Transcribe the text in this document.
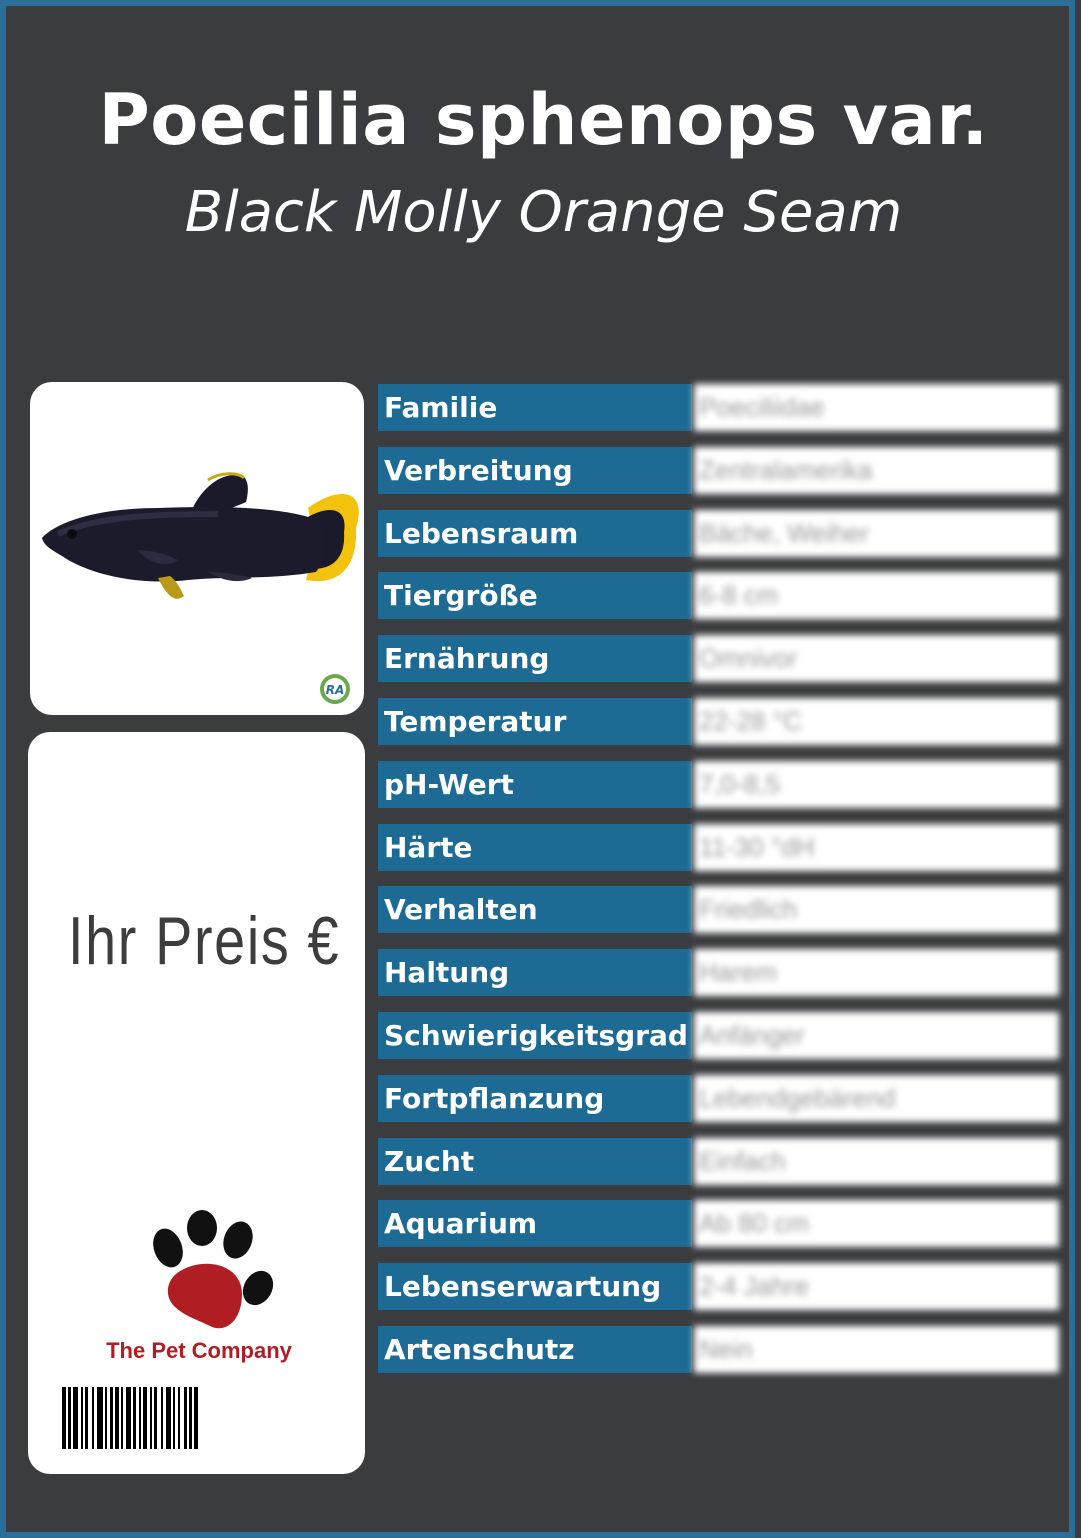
Poecilia sphenops var.
Black Molly Orange Seam
RA
Ihr Preis €
The Pet Company
Familie	Poeciliidae
Verbreitung	Zentralamerika
Lebensraum	Bäche, Weiher
Tiergröße	6-8 cm
Ernährung	Omnivor
Temperatur	22-28 °C
pH-Wert	7,0-8,5
Härte	11-30 °dH
Verhalten	Friedlich
Haltung	Harem
Schwierigkeitsgrad Anfänger
Fortpflanzung	Lebendgebärend
Zucht	Einfach
Aquarium	Ab 80 cm
Lebenserwartung	2-4 Jahre
Artenschutz	Nein
